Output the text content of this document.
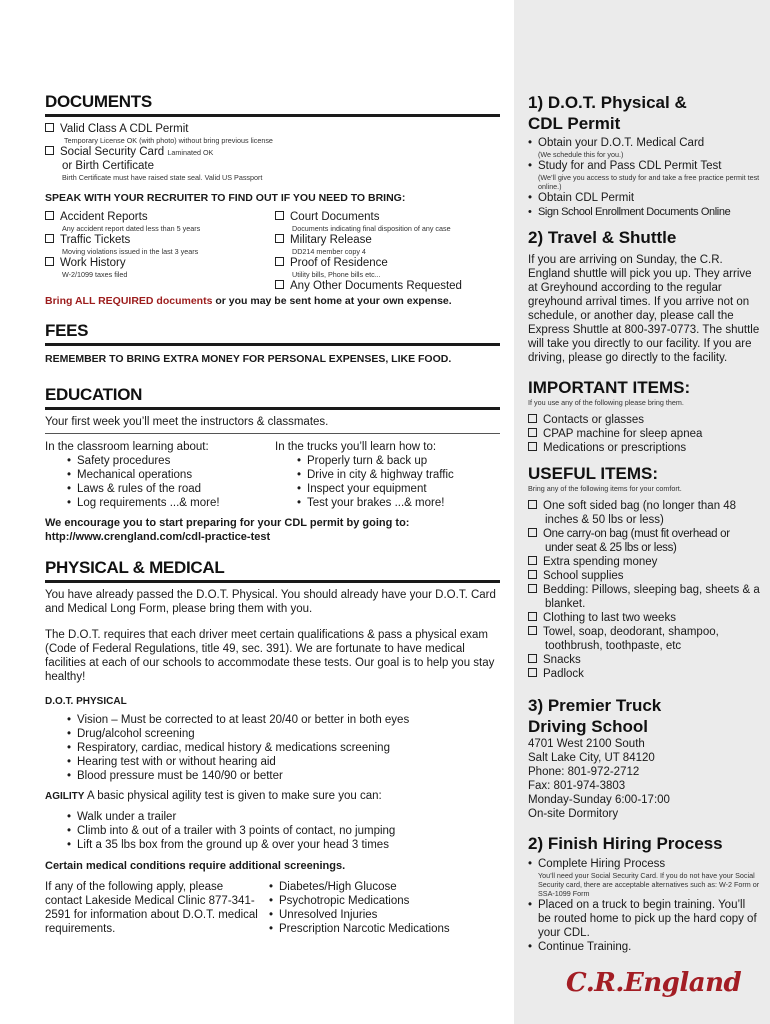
DOCUMENTS
Valid Class A CDL Permit
Temporary License OK (with photo) without bring previous license
Social Security Card Laminated OK
or Birth Certificate
Birth Certificate must have raised state seal. Valid US Passport
SPEAK WITH YOUR RECRUITER TO FIND OUT IF YOU NEED TO BRING:
Accident Reports
Any accident report dated less than 5 years
Traffic Tickets
Moving violations issued in the last 3 years
Work History
W-2/1099 taxes filed
Court Documents
Documents indicating final disposition of any case
Military Release
DD214 member copy 4
Proof of Residence
Utility bills, Phone bills etc...
Any Other Documents Requested
Bring ALL REQUIRED documents or you may be sent home at your own expense.
FEES
REMEMBER TO BRING EXTRA MONEY FOR PERSONAL EXPENSES, LIKE FOOD.
EDUCATION
Your first week you’ll meet the instructors & classmates.
In the classroom learning about:
• Safety procedures
• Mechanical operations
• Laws & rules of the road
• Log requirements ...& more!
In the trucks you’ll learn how to:
• Properly turn & back up
• Drive in city & highway traffic
• Inspect your equipment
• Test your brakes ...& more!
We encourage you to start preparing for your CDL permit by going to:
http://www.crengland.com/cdl-practice-test
PHYSICAL & MEDICAL
You have already passed the D.O.T. Physical. You should already have your D.O.T. Card and Medical Long Form, please bring them with you.
The D.O.T. requires that each driver meet certain qualifications & pass a physical exam (Code of Federal Regulations, title 49, sec. 391). We are fortunate to have medical facilities at each of our schools to accommodate these tests. Our goal is to help you stay healthy!
D.O.T. PHYSICAL
• Vision – Must be corrected to at least 20/40 or better in both eyes
• Drug/alcohol screening
• Respiratory, cardiac, medical history & medications screening
• Hearing test with or without hearing aid
• Blood pressure must be 140/90 or better
AGILITY A basic physical agility test is given to make sure you can:
• Walk under a trailer
• Climb into & out of a trailer with 3 points of contact, no jumping
• Lift a 35 lbs box from the ground up & over your head 3 times
Certain medical conditions require additional screenings.
If any of the following apply, please contact Lakeside Medical Clinic 877-341-2591 for information about D.O.T. medical requirements.
• Diabetes/High Glucose
• Psychotropic Medications
• Unresolved Injuries
• Prescription Narcotic Medications
1) D.O.T. Physical &
CDL Permit
• Obtain your D.O.T. Medical Card
(We schedule this for you.)
• Study for and Pass CDL Permit Test
(We’ll give you access to study for and take a free practice permit test online.)
• Obtain CDL Permit
• Sign School Enrollment Documents Online
2) Travel & Shuttle
If you are arriving on Sunday, the C.R. England shuttle will pick you up. They arrive at Greyhound according to the regular greyhound arrival times. If you arrive not on schedule, or another day, please call the Express Shuttle at 800-397-0773. The shuttle will take you directly to our facility. If you are driving, please go directly to the facility.
IMPORTANT ITEMS:
If you use any of the following please bring them.
Contacts or glasses
CPAP machine for sleep apnea
Medications or prescriptions
USEFUL ITEMS:
Bring any of the following items for your comfort.
One soft sided bag (no longer than 48 inches & 50 lbs or less)
One carry-on bag (must fit overhead or under seat & 25 lbs or less)
Extra spending money
School supplies
Bedding: Pillows, sleeping bag, sheets & a blanket.
Clothing to last two weeks
Towel, soap, deodorant, shampoo, toothbrush, toothpaste, etc
Snacks
Padlock
3) Premier Truck
Driving School
4701 West 2100 South
Salt Lake City, UT 84120
Phone: 801-972-2712
Fax: 801-974-3803
Monday-Sunday 6:00-17:00
On-site Dormitory
2) Finish Hiring Process
• Complete Hiring Process
You’ll need your Social Security Card. If you do not have your Social Security card, there are acceptable alternatives such as: W-2 Form or SSA-1099 Form
• Placed on a truck to begin training. You’ll be routed home to pick up the hard copy of your CDL.
• Continue Training.
C.R.England
